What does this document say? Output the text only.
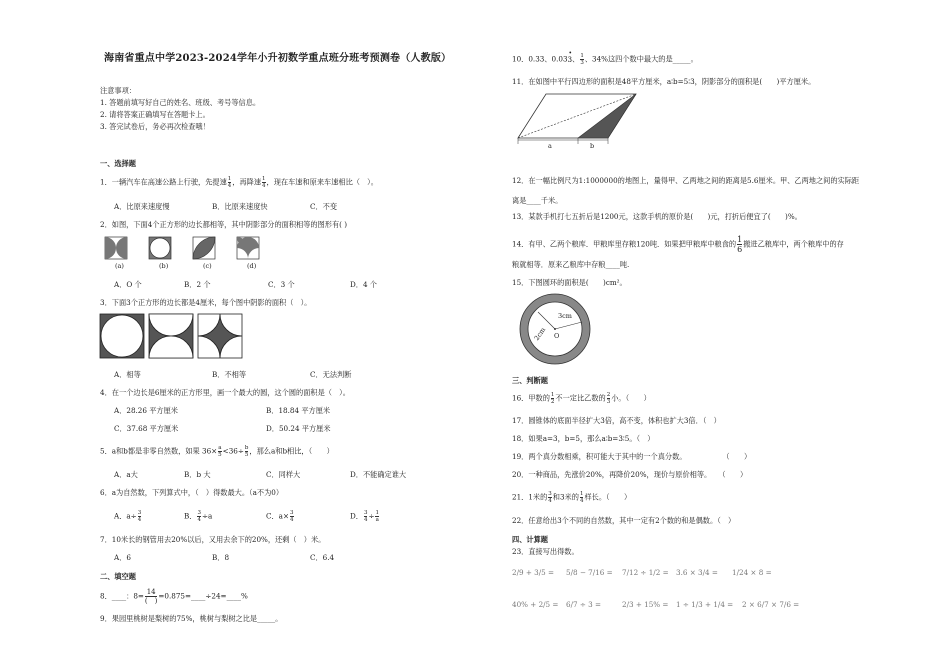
海南省重点中学2023-2024学年小升初数学重点班分班考预测卷（人教版）
注意事项：
1. 答题前填写好自己的姓名、班级、考号等信息。
2. 请将答案正确填写在答题卡上。
3. 答完试卷后，务必再次检查哦！
一、选择题
1．一辆汽车在高速公路上行驶，先提速 $\frac{1}{4}$ ，再降速 $\frac{1}{4}$ ，现在车速和原来车速相比（　）。
A．比原来速度慢	B．比原来速度快	C．不变
2．如图，下面4个正方形的边长都相等，其中阴影部分的面积相等的图形有( )
(a)	(b)	(c)	(d)
A．O 个	B．2 个	C．3 个	D．4 个
3．下面3个正方形的边长都是4厘米，每个图中阴影的面积（　）。
A．相等	B．不相等	C．无法判断
4．在一个边长是6厘米的正方形里，画一个最大的圆，这个圆的面积是（　）。
A．28.26 平方厘米	B．18.84 平方厘米
C．37.68 平方厘米	D．50.24 平方厘米
5．a和b都是非零自然数，如果 $36\times \frac{a}{5} <36\div \frac{b}{5}$ ，那么a和b相比，（　　）
A．a大	B．b 大	C．同样大	D．不能确定谁大
6．a为自然数，下列算式中，（　）得数最大。（a不为0）
A．$a\div \frac{3}{4}$	B． $\frac{3}{4} \div a$	C．$a\times \frac{3}{4}$	D． $\frac{3}{4} \div \frac{1}{a}$
7．10米长的钢管用去20%以后，又用去余下的20%，还剩（　）米。
A．6	B．8	C．6.4
二、填空题
8．____：$8= \frac{14}{( )}$ =0.875=____÷24=____%
9．果园里桃树是梨树的75%，桃树与梨树之比是_____。
10．0.33、0.03
•
3、 $\frac{1}{3}$ 、34%这四个数中最大的是_____。
11．在如图中平行四边形的面积是48平方厘米，a∶b=5∶3，阴影部分的面积是(　　)平方厘米。
a	b
12．在一幅比例尺为1:1000000的地图上，量得甲、乙两地之间的距离是5.6厘米。甲、乙两地之间的实际距
离是____千米。
13．某款手机打七五折后是1200元，这款手机的原价是(　　)元，打折后便宜了(　　)%。
14．有甲、乙两个粮库．甲粮库里存粮120吨．如果把甲粮库中粮食的 $\frac{1}{6}$ 搬进乙粮库中，两个粮库中的存
粮就相等．原来乙粮库中存粮____吨.
15．下图圆环的面积是(　　)cm²。
3cm
2cm O
三、判断题
16．甲数的 $\frac{1}{2}$ 不一定比乙数的 $\frac{2}{3}$ 小。（　　）
17．圆锥体的底面半径扩大3倍，高不变，体积也扩大3倍．（　）
18．如果a=3，b=5，那么a∶b=3∶5。（　）
19．两个真分数相乘，积可能大于其中的一个真分数。　　　　　　（　　）
20．一种商品，先涨价20%，再降价20%，现价与原价相等。　　（　　）
21．1米的 $\frac{3}{4}$ 和3米的 $\frac{1}{4}$ 样长。（　　）
22．任意给出3个不同的自然数，其中一定有2个数的和是偶数。（　）
四、计算题
23．直接写出得数。
2/9 + 3/5 = 5/8 − 7/16 = 7/12 ÷ 1/2 = 3.6 × 3/4 = 1/24 × 8 =
40% + 2/5 = 6/7 ÷ 3 =	2/3 + 15% = 1 ÷ 1/3 + 1/4 = 2 × 6/7 × 7/6 =
